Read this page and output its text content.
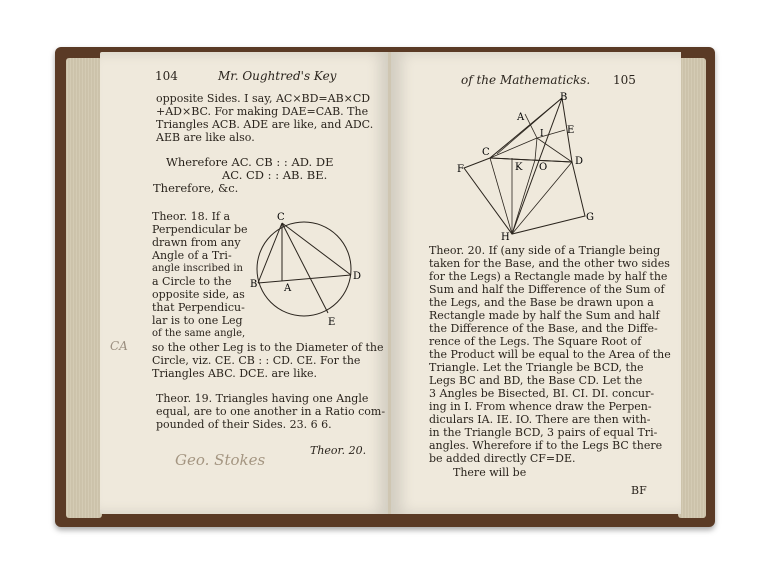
104	Mr. Oughtred's Key
opposite Sides. I say, AC×BD=AB×CD
+AD×BC. For making DAE=CAB. The
Triangles ACB. ADE are like, and ADC.
AEB are like also.
Wherefore AC. CB : : AD. DE
AC. CD : : AB. BE.
Therefore, &c.
Theor. 18. If a
Perpendicular be
drawn from any
Angle of a Tri-
angle inscribed in
a Circle to the
opposite side, as
that Perpendicu-
lar is to one Leg
of the same angle,
so the other Leg is to the Diameter of the
Circle, viz. CE. CB : : CD. CE. For the
Triangles ABC. DCE. are like.
Theor. 19. Triangles having one Angle
equal, are to one another in a Ratio com-
pounded of their Sides. 23. 6 6.
Theor. 20.
Geo. Stokes
C
B	A
D
E
CA
of the Mathematicks. 105
B
A
I E
C
K O
D
F
H
G
Theor. 20. If (any side of a Triangle being
taken for the Base, and the other two sides
for the Legs) a Rectangle made by half the
Sum and half the Difference of the Sum of
the Legs, and the Base be drawn upon a
Rectangle made by half the Sum and half
the Difference of the Base, and the Diffe-
rence of the Legs. The Square Root of
the Product will be equal to the Area of the
Triangle. Let the Triangle be BCD, the
Legs BC and BD, the Base CD. Let the
3 Angles be Bisected, BI. CI. DI. concur-
ing in I. From whence draw the Perpen-
diculars IA. IE. IO. There are then with-
in the Triangle BCD, 3 pairs of equal Tri-
angles. Wherefore if to the Legs BC there
be added directly CF=DE.
There will be
BF
